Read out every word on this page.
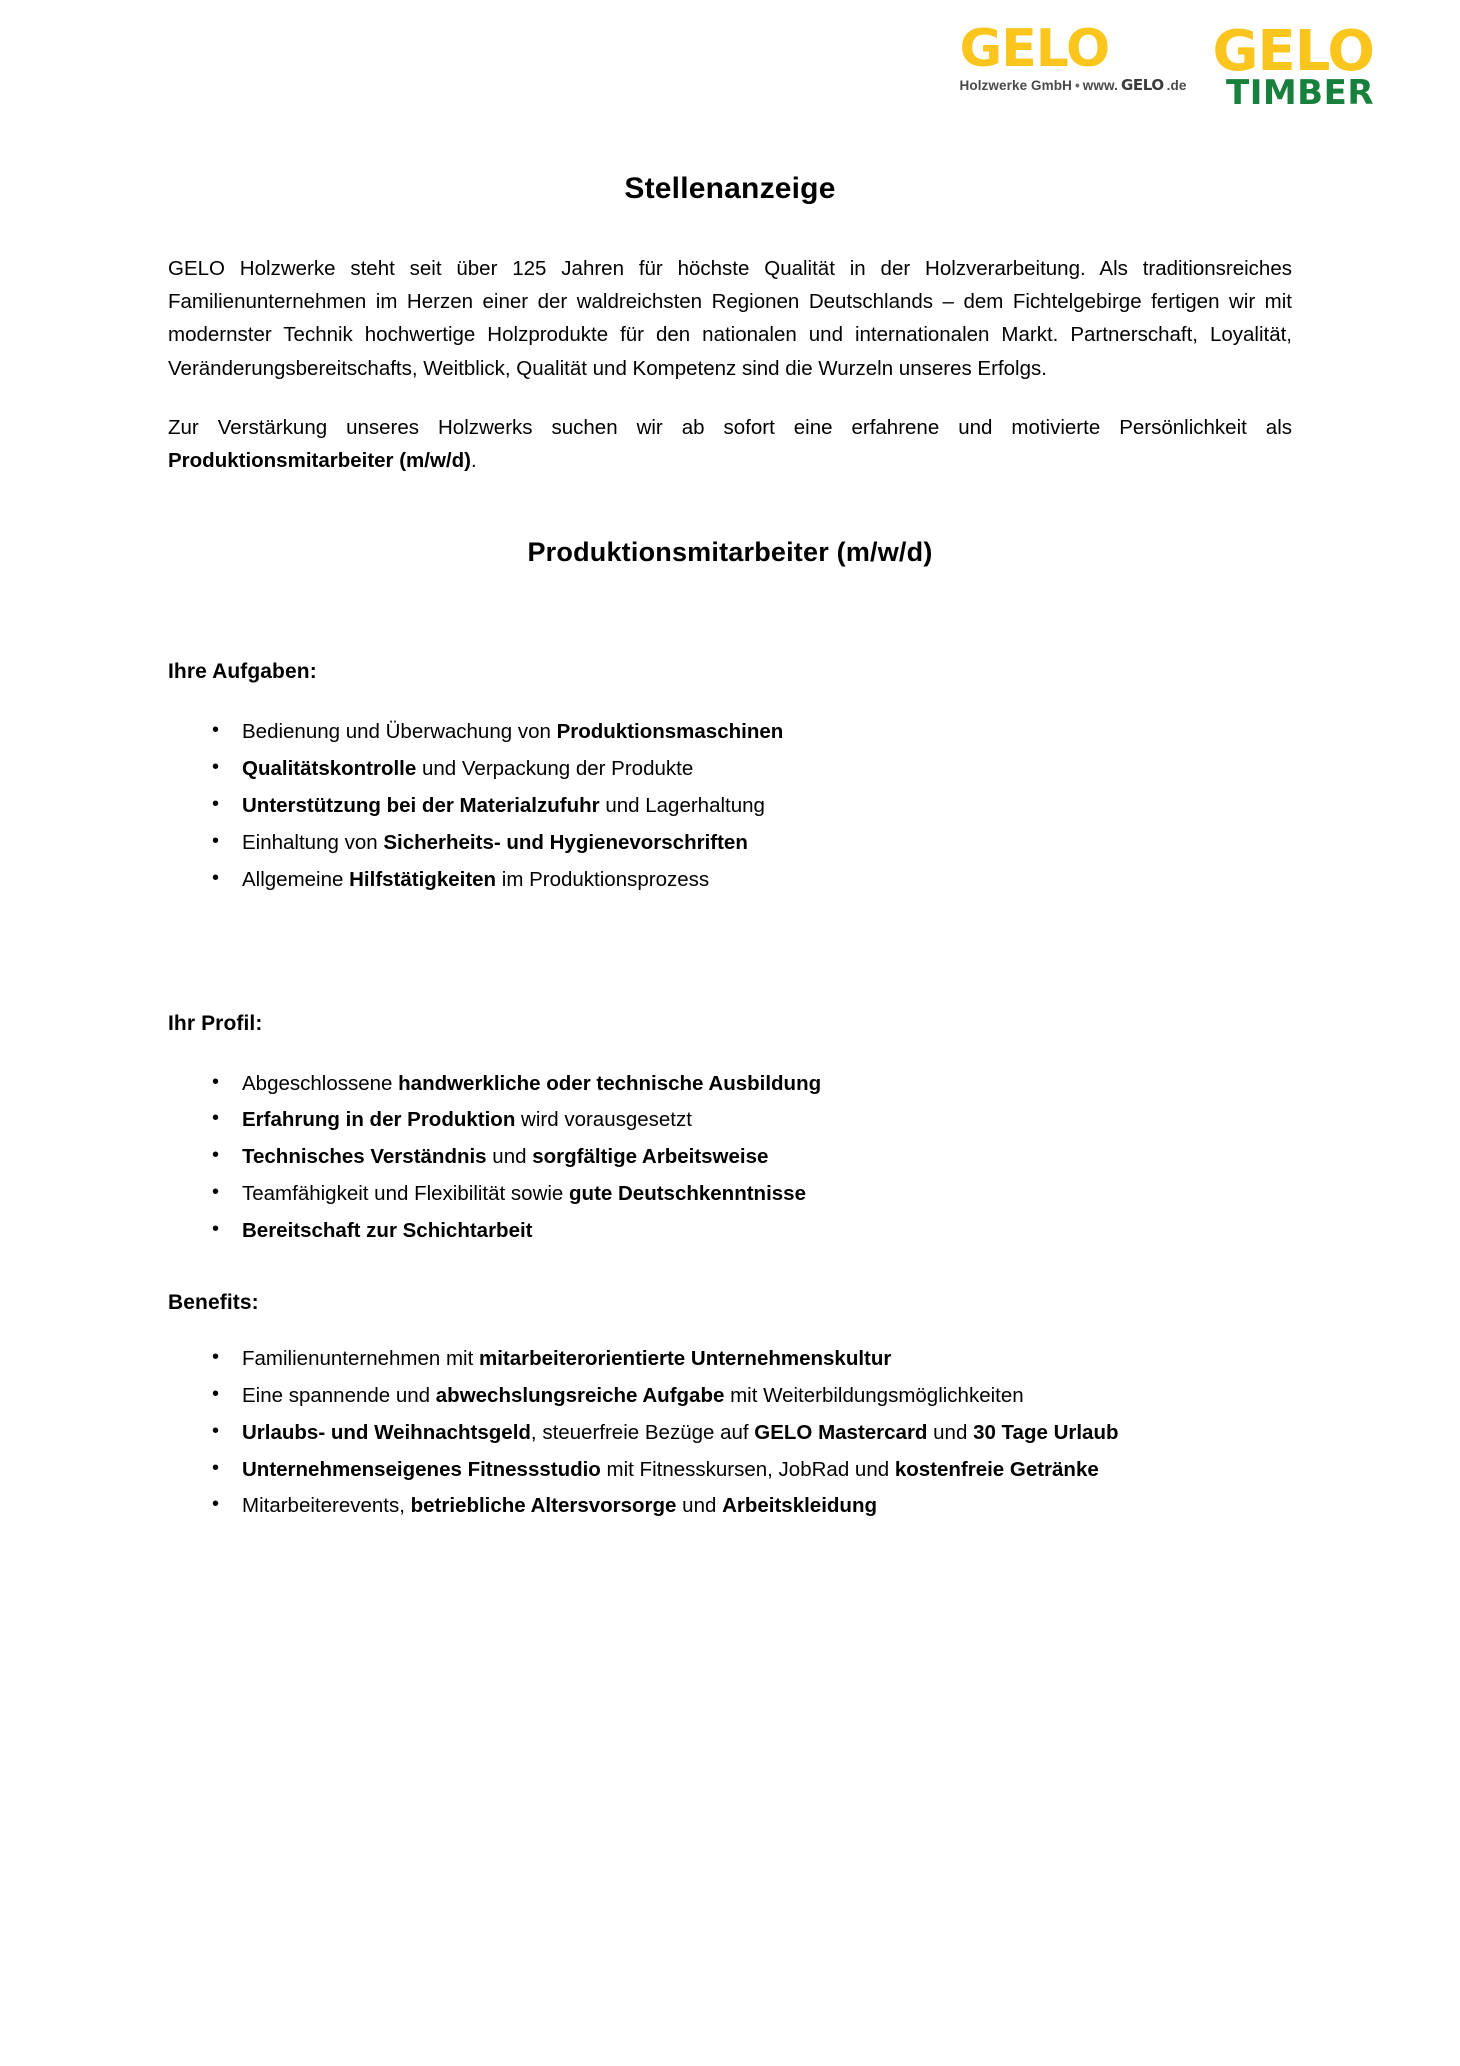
GELO
Holzwerke GmbH • www. GELO .de
GELO
TIMBER
Stellenanzeige

GELO Holzwerke steht seit über 125 Jahren für höchste Qualität in der Holzverarbeitung. Als traditionsreiches Familienunternehmen im Herzen einer der waldreichsten Regionen Deutschlands – dem Fichtelgebirge fertigen wir mit modernster Technik hochwertige Holzprodukte für den nationalen und internationalen Markt. Partnerschaft, Loyalität, Veränderungsbereitschafts, Weitblick, Qualität und Kompetenz sind die Wurzeln unseres Erfolgs.

Zur Verstärkung unseres Holzwerks suchen wir ab sofort eine erfahrene und motivierte Persönlichkeit als Produktionsmitarbeiter (m/w/d).

Produktionsmitarbeiter (m/w/d)
Ihre Aufgaben:
• Bedienung und Überwachung von Produktionsmaschinen
• Qualitätskontrolle und Verpackung der Produkte
• Unterstützung bei der Materialzufuhr und Lagerhaltung
• Einhaltung von Sicherheits- und Hygienevorschriften
• Allgemeine Hilfstätigkeiten im Produktionsprozess
Ihr Profil:
• Abgeschlossene handwerkliche oder technische Ausbildung
• Erfahrung in der Produktion wird vorausgesetzt
• Technisches Verständnis und sorgfältige Arbeitsweise
• Teamfähigkeit und Flexibilität sowie gute Deutschkenntnisse
• Bereitschaft zur Schichtarbeit
Benefits:
• Familienunternehmen mit mitarbeiterorientierte Unternehmenskultur
• Eine spannende und abwechslungsreiche Aufgabe mit Weiterbildungsmöglichkeiten
• Urlaubs- und Weihnachtsgeld, steuerfreie Bezüge auf GELO Mastercard und 30 Tage Urlaub
• Unternehmenseigenes Fitnessstudio mit Fitnesskursen, JobRad und kostenfreie Getränke
• Mitarbeiterevents, betriebliche Altersvorsorge und Arbeitskleidung
